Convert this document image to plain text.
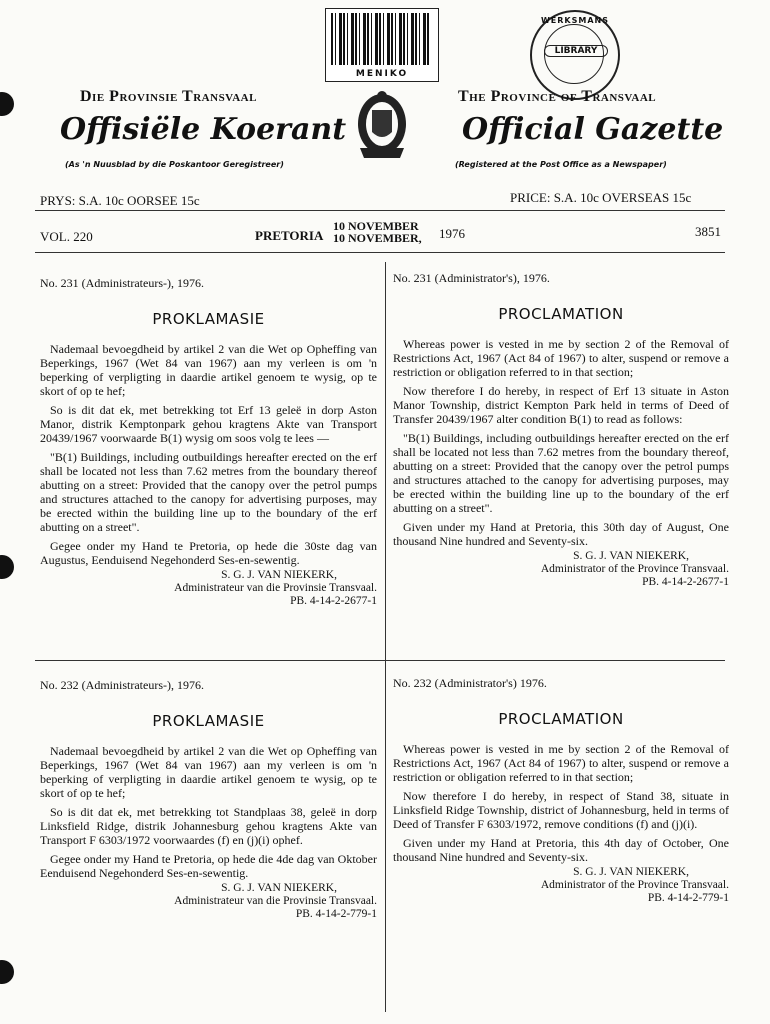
MENIKO
WERKSMANS
LIBRARY
Die Provinsie Transvaal
Offisiële Koerant
(As 'n Nuusblad by die Poskantoor Geregistreer)
The Province of Transvaal
Official Gazette
(Registered at the Post Office as a Newspaper)
PRYS: S.A. 10c OORSEE 15c	PRICE: S.A. 10c OVERSEAS 15c
VOL. 220	PRETORIA
10 NOVEMBER
10 NOVEMBER, 1976	3851
No. 231 (Administrateurs-), 1976.
PROKLAMASIE

Nademaal bevoegdheid by artikel 2 van die Wet op Opheffing van Beperkings, 1967 (Wet 84 van 1967) aan my verleen is om 'n beperking of verpligting in daardie artikel genoem te wysig, op te skort of op te hef;

So is dit dat ek, met betrekking tot Erf 13 geleë in dorp Aston Manor, distrik Kemptonpark gehou kragtens Akte van Transport 20439/1967 voorwaarde B(1) wysig om soos volg te lees —

"B(1) Buildings, including outbuildings hereafter erected on the erf shall be located not less than 7.62 metres from the boundary thereof abutting on a street: Provided that the canopy over the petrol pumps and structures attached to the canopy for advertising purposes, may be erected within the building line up to the boundary of the erf abutting on a street".

Gegee onder my Hand te Pretoria, op hede die 30ste dag van Augustus, Eenduisend Negehonderd Ses-en-sewentig.

S. G. J. VAN NIEKERK,
Administrateur van die Provinsie Transvaal.
PB. 4-14-2-2677-1
No. 231 (Administrator's), 1976.
PROCLAMATION

Whereas power is vested in me by section 2 of the Removal of Restrictions Act, 1967 (Act 84 of 1967) to alter, suspend or remove a restriction or obligation referred to in that section;

Now therefore I do hereby, in respect of Erf 13 situate in Aston Manor Township, district Kempton Park held in terms of Deed of Transfer 20439/1967 alter condition B(1) to read as follows:

"B(1) Buildings, including outbuildings hereafter erected on the erf shall be located not less than 7.62 metres from the boundary thereof, abutting on a street: Provided that the canopy over the petrol pumps and structures attached to the canopy for advertising purposes, may be erected within the building line up to the boundary of the erf abutting on a street".

Given under my Hand at Pretoria, this 30th day of August, One thousand Nine hundred and Seventy-six.

S. G. J. VAN NIEKERK,
Administrator of the Province Transvaal.
PB. 4-14-2-2677-1
No. 232 (Administrateurs-), 1976.
PROKLAMASIE

Nademaal bevoegdheid by artikel 2 van die Wet op Opheffing van Beperkings, 1967 (Wet 84 van 1967) aan my verleen is om 'n beperking of verpligting in daardie artikel genoem te wysig, op te skort of op te hef;

So is dit dat ek, met betrekking tot Standplaas 38, geleë in dorp Linksfield Ridge, distrik Johannesburg gehou kragtens Akte van Transport F 6303/1972 voorwaardes (f) en (j)(i) ophef.

Gegee onder my Hand te Pretoria, op hede die 4de dag van Oktober Eenduisend Negehonderd Ses-en-sewentig.

S. G. J. VAN NIEKERK,
Administrateur van die Provinsie Transvaal.
PB. 4-14-2-779-1
No. 232 (Administrator's) 1976.
PROCLAMATION

Whereas power is vested in me by section 2 of the Removal of Restrictions Act, 1967 (Act 84 of 1967) to alter, suspend or remove a restriction or obligation referred to in that section;

Now therefore I do hereby, in respect of Stand 38, situate in Linksfield Ridge Township, district of Johannesburg, held in terms of Deed of Transfer F 6303/1972, remove conditions (f) and (j)(i).

Given under my Hand at Pretoria, this 4th day of October, One thousand Nine hundred and Seventy-six.

S. G. J. VAN NIEKERK,
Administrator of the Province Transvaal.
PB. 4-14-2-779-1
